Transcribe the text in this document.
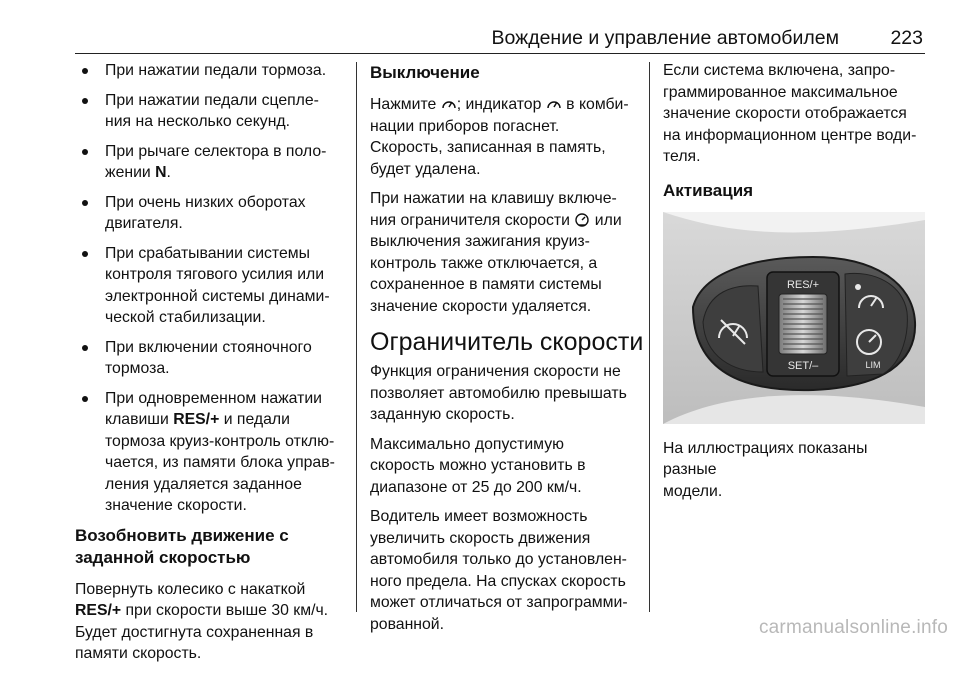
Вождение и управление автомобилем	223
При нажатии педали тормоза.
При нажатии педали сцепле-
ния на несколько секунд.
При рычаге селектора в поло-
жении N.
При очень низких оборотах
двигателя.
При срабатывании системы
контроля тягового усилия или
электронной системы динами-
ческой стабилизации.
При включении стояночного
тормоза.
При одновременном нажатии
клавиши RES/+ и педали
тормоза круиз-контроль отклю-
чается, из памяти блока управ-
ления удаляется заданное
значение скорости.
Возобновить движение с
заданной скоростью
Повернуть колесико с накаткой
RES/+ при скорости выше 30 км/ч.
Будет достигнута сохраненная в
памяти скорость.
Выключение
Нажмите ; индикатор  в комби-
нации приборов погаснет.
Скорость, записанная в память,
будет удалена.
При нажатии на клавишу включе-
ния ограничителя скорости  или
выключения зажигания круиз-
контроль также отключается, а
сохраненное в памяти системы
значение скорости удаляется.
Ограничитель скорости
Функция ограничения скорости не
позволяет автомобилю превышать
заданную скорость.
Максимально допустимую
скорость можно установить в
диапазоне от 25 до 200 км/ч.
Водитель имеет возможность
увеличить скорость движения
автомобиля только до установлен-
ного предела. На спусках скорость
может отличаться от запрограмми-
рованной.
Если система включена, запро-
граммированное максимальное
значение скорости отображается
на информационном центре води-
теля.
Активация
RES/+
SET/–	LIM
На иллюстрациях показаны разные
модели.
carmanualsonline.info
